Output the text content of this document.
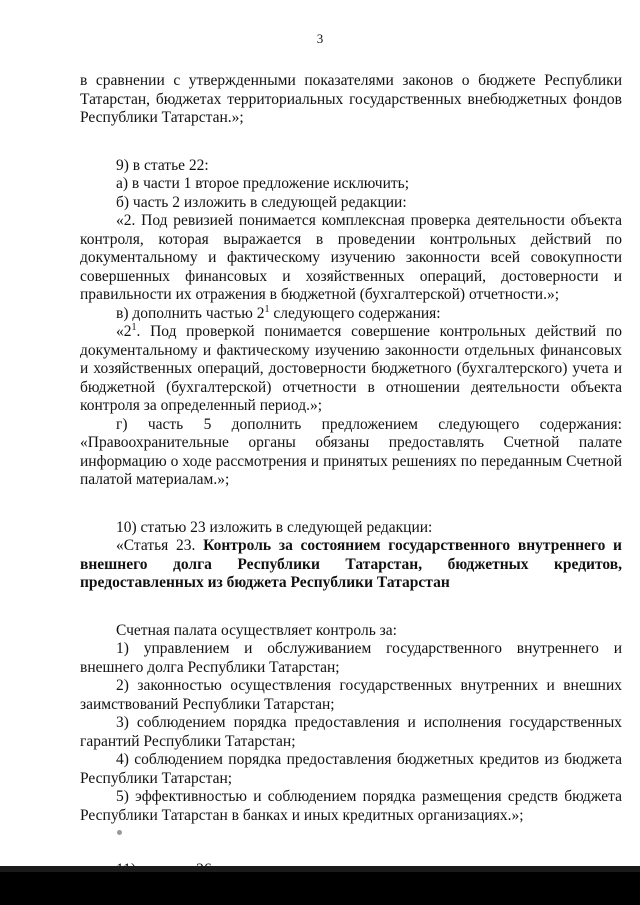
3

в сравнении с утвержденными показателями законов о бюджете Республики Татарстан, бюджетах территориальных государственных внебюджетных фондов Республики Татарстан.»;

9) в статье 22:

а) в части 1 второе предложение исключить;

б) часть 2 изложить в следующей редакции:

«2. Под ревизией понимается комплексная проверка деятельности объекта контроля, которая выражается в проведении контрольных действий по документальному и фактическому изучению законности всей совокупности совершенных финансовых и хозяйственных операций, достоверности и правильности их отражения в бюджетной (бухгалтерской) отчетности.»;

в) дополнить частью $2^1$ следующего содержания:

«$2^1$. Под проверкой понимается совершение контрольных действий по документальному и фактическому изучению законности отдельных финансовых и хозяйственных операций, достоверности бюджетного (бухгалтерского) учета и бюджетной (бухгалтерской) отчетности в отношении деятельности объекта контроля за определенный период.»;

г) часть 5 дополнить предложением следующего содержания: «Правоохранительные органы обязаны предоставлять Счетной палате информацию о ходе рассмотрения и принятых решениях по переданным Счетной палатой материалам.»;

10) статью 23 изложить в следующей редакции:

«Статья 23. Контроль за состоянием государственного внутреннего и внешнего долга Республики Татарстан, бюджетных кредитов, предоставленных из бюджета Республики Татарстан

Счетная палата осуществляет контроль за:

1) управлением и обслуживанием государственного внутреннего и внешнего долга Республики Татарстан;

2) законностью осуществления государственных внутренних и внешних заимствований Республики Татарстан;

3) соблюдением порядка предоставления и исполнения государственных гарантий Республики Татарстан;

4) соблюдением порядка предоставления бюджетных кредитов из бюджета Республики Татарстан;

5) эффективностью и соблюдением порядка размещения средств бюджета Республики Татарстан в банках и иных кредитных организациях.»;
